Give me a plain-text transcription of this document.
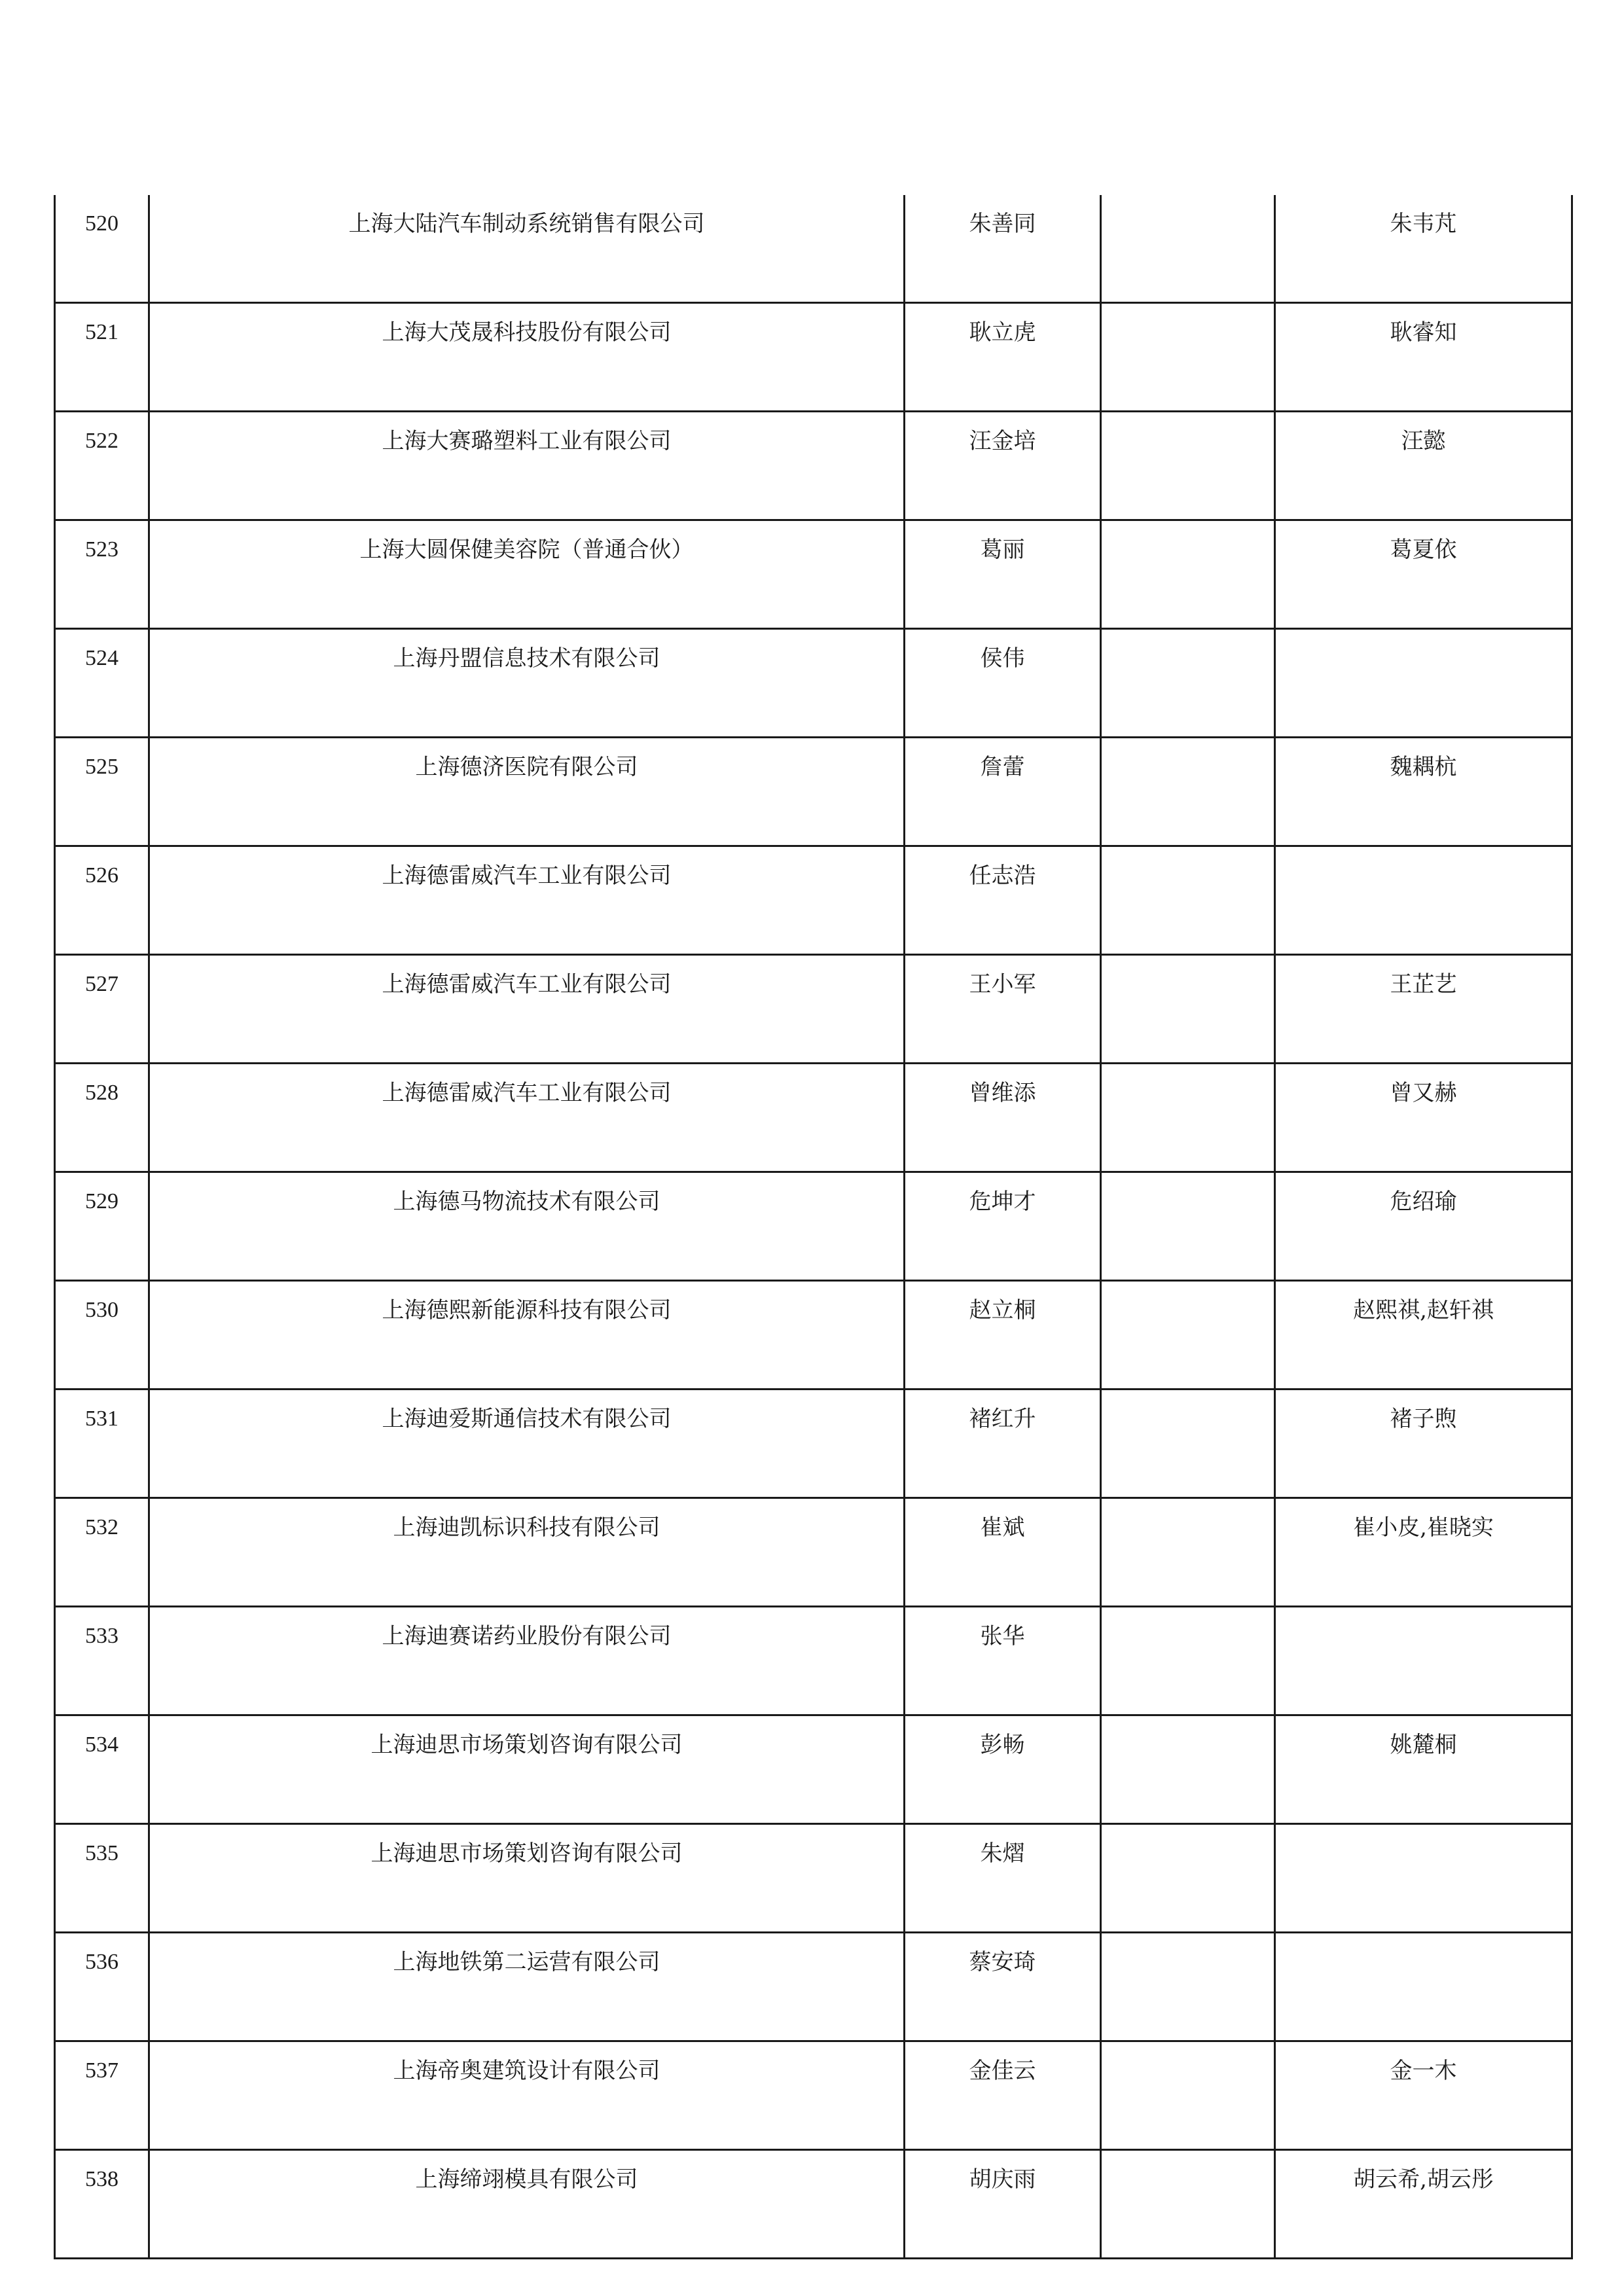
520	上海大陆汽车制动系统销售有限公司	朱善同		朱韦芃
521	上海大茂晟科技股份有限公司	耿立虎		耿睿知
522	上海大赛璐塑料工业有限公司	汪金培		汪懿
523	上海大圆保健美容院（普通合伙）	葛丽		葛夏依
524	上海丹盟信息技术有限公司	侯伟		
525	上海德济医院有限公司	詹蕾		魏耦杭
526	上海德雷威汽车工业有限公司	任志浩		
527	上海德雷威汽车工业有限公司	王小军		王芷艺
528	上海德雷威汽车工业有限公司	曾维添		曾又赫
529	上海德马物流技术有限公司	危坤才		危绍瑜
530	上海德熙新能源科技有限公司	赵立桐		赵熙祺,赵轩祺
531	上海迪爱斯通信技术有限公司	褚红升		褚子煦
532	上海迪凯标识科技有限公司	崔斌		崔小皮,崔晓实
533	上海迪赛诺药业股份有限公司	张华		
534	上海迪思市场策划咨询有限公司	彭畅		姚麓桐
535	上海迪思市场策划咨询有限公司	朱熠		
536	上海地铁第二运营有限公司	蔡安琦		
537	上海帝奥建筑设计有限公司	金佳云		金一木
538	上海缔翊模具有限公司	胡庆雨		胡云希,胡云彤
